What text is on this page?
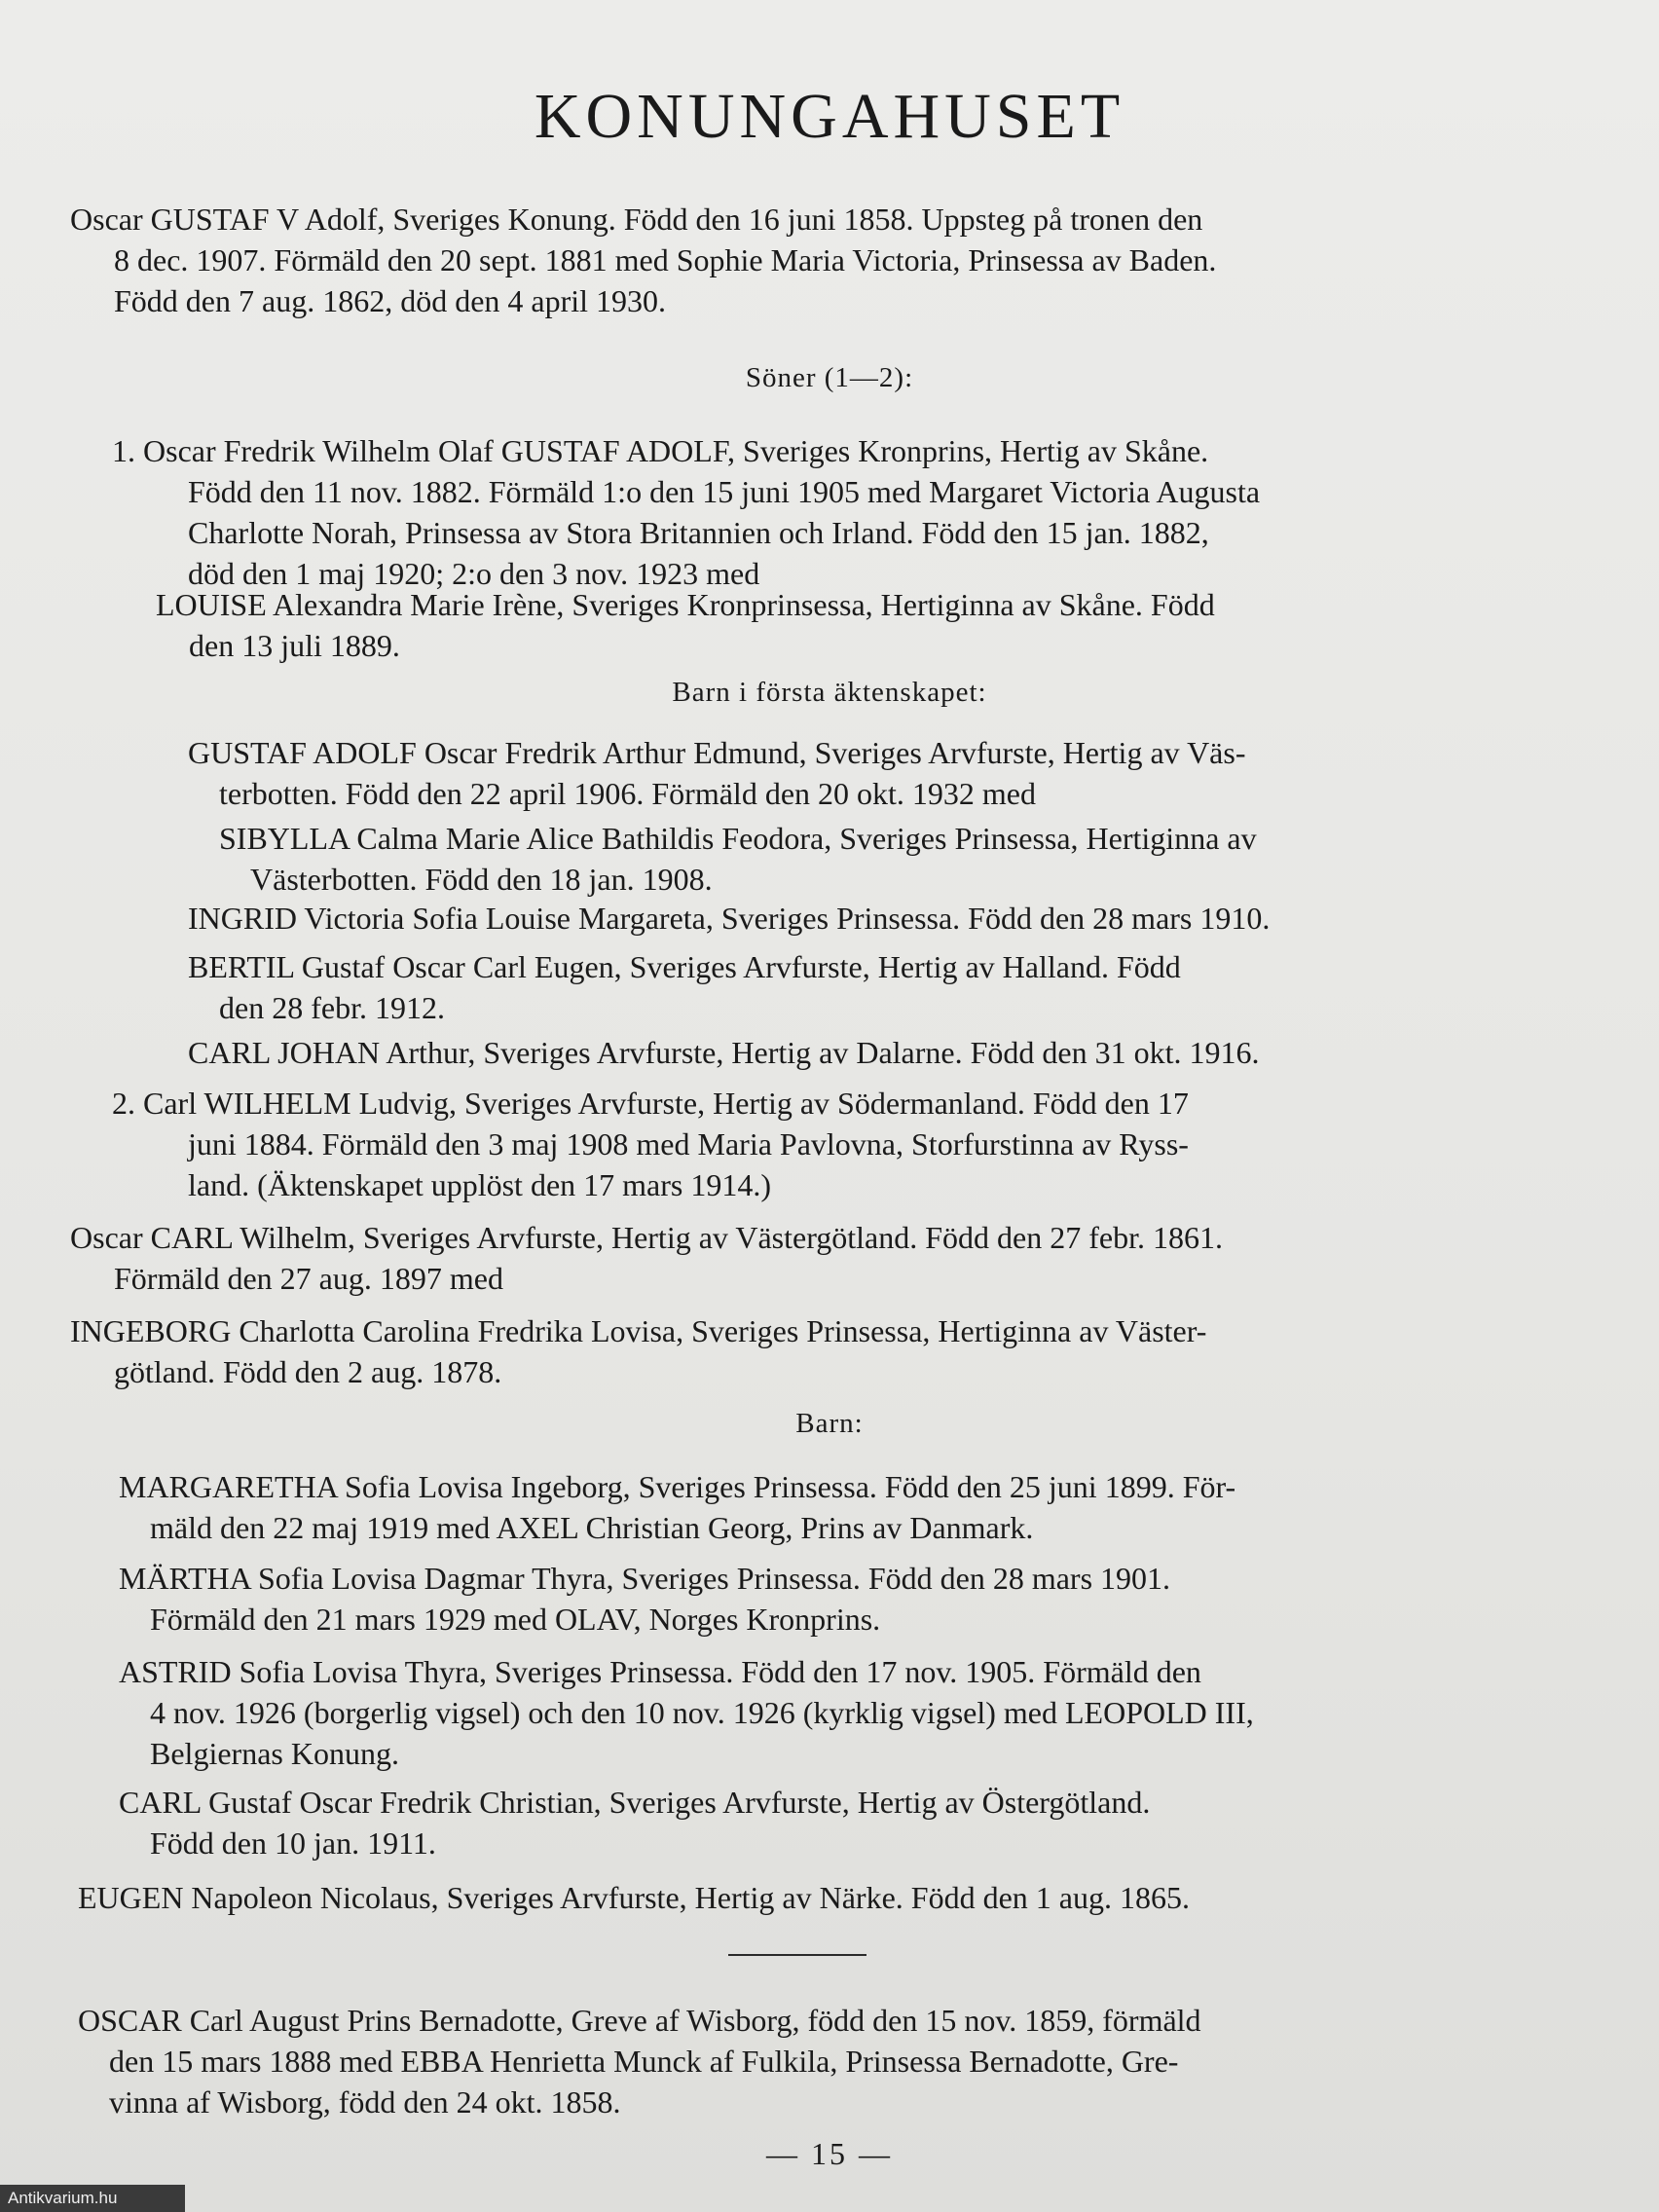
KONUNGAHUSET

Oscar GUSTAF V Adolf, Sveriges Konung. Född den 16 juni 1858. Uppsteg på tronen den
8 dec. 1907. Förmäld den 20 sept. 1881 med Sophie Maria Victoria, Prinsessa av Baden.
Född den 7 aug. 1862, död den 4 april 1930.

Söner (1—2):

1. Oscar Fredrik Wilhelm Olaf GUSTAF ADOLF, Sveriges Kronprins, Hertig av Skåne.
Född den 11 nov. 1882. Förmäld 1:o den 15 juni 1905 med Margaret Victoria Augusta
Charlotte Norah, Prinsessa av Stora Britannien och Irland. Född den 15 jan. 1882,
död den 1 maj 1920; 2:o den 3 nov. 1923 med

LOUISE Alexandra Marie Irène, Sveriges Kronprinsessa, Hertiginna av Skåne. Född
den 13 juli 1889.

Barn i första äktenskapet:

GUSTAF ADOLF Oscar Fredrik Arthur Edmund, Sveriges Arvfurste, Hertig av Väs-
terbotten. Född den 22 april 1906. Förmäld den 20 okt. 1932 med

SIBYLLA Calma Marie Alice Bathildis Feodora, Sveriges Prinsessa, Hertiginna av
Västerbotten. Född den 18 jan. 1908.

INGRID Victoria Sofia Louise Margareta, Sveriges Prinsessa. Född den 28 mars 1910.

BERTIL Gustaf Oscar Carl Eugen, Sveriges Arvfurste, Hertig av Halland. Född
den 28 febr. 1912.

CARL JOHAN Arthur, Sveriges Arvfurste, Hertig av Dalarne. Född den 31 okt. 1916.

2. Carl WILHELM Ludvig, Sveriges Arvfurste, Hertig av Södermanland. Född den 17
juni 1884. Förmäld den 3 maj 1908 med Maria Pavlovna, Storfurstinna av Ryss-
land. (Äktenskapet upplöst den 17 mars 1914.)

Oscar CARL Wilhelm, Sveriges Arvfurste, Hertig av Västergötland. Född den 27 febr. 1861.
Förmäld den 27 aug. 1897 med

INGEBORG Charlotta Carolina Fredrika Lovisa, Sveriges Prinsessa, Hertiginna av Väster-
götland. Född den 2 aug. 1878.

Barn:

MARGARETHA Sofia Lovisa Ingeborg, Sveriges Prinsessa. Född den 25 juni 1899. För-
mäld den 22 maj 1919 med AXEL Christian Georg, Prins av Danmark.

MÄRTHA Sofia Lovisa Dagmar Thyra, Sveriges Prinsessa. Född den 28 mars 1901.
Förmäld den 21 mars 1929 med OLAV, Norges Kronprins.

ASTRID Sofia Lovisa Thyra, Sveriges Prinsessa. Född den 17 nov. 1905. Förmäld den
4 nov. 1926 (borgerlig vigsel) och den 10 nov. 1926 (kyrklig vigsel) med LEOPOLD III,
Belgiernas Konung.

CARL Gustaf Oscar Fredrik Christian, Sveriges Arvfurste, Hertig av Östergötland.
Född den 10 jan. 1911.

EUGEN Napoleon Nicolaus, Sveriges Arvfurste, Hertig av Närke. Född den 1 aug. 1865.

OSCAR Carl August Prins Bernadotte, Greve af Wisborg, född den 15 nov. 1859, förmäld
den 15 mars 1888 med EBBA Henrietta Munck af Fulkila, Prinsessa Bernadotte, Gre-
vinna af Wisborg, född den 24 okt. 1858.

— 15 —
Antikvarium.hu
